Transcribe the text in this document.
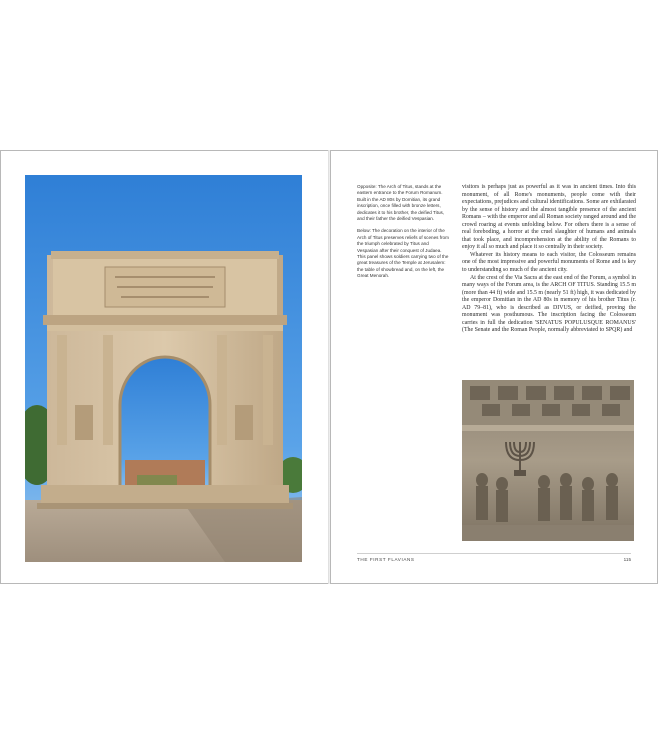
Opposite: The Arch of Titus, stands at the eastern entrance to the Forum Romanum. Built in the AD 80s by Domitian, its grand inscription, once filled with bronze letters, dedicates it to his brother, the deified Titus, and their father the deified Vespasian.

Below: The decoration on the interior of the Arch of Titus preserves reliefs of scenes from the triumph celebrated by Titus and Vespasian after their conquest of Judaea. This panel shows soldiers carrying two of the great treasures of the Temple at Jerusalem: the table of showbread and, on the left, the Great Menorah.

visitors is perhaps just as powerful as it was in ancient times. Into this monument, of all Rome's monuments, people come with their expectations, prejudices and cultural identifications. Some are exhilarated by the sense of history and the almost tangible presence of the ancient Romans – with the emperor and all Roman society ranged around and the crowd roaring at events unfolding below. For others there is a sense of real foreboding, a horror at the cruel slaughter of humans and animals that took place, and incomprehension at the ability of the Romans to enjoy it all so much and place it so centrally in their society.

Whatever its history means to each visitor, the Colosseum remains one of the most impressive and powerful monuments of Rome and is key to understanding so much of the ancient city.

At the crest of the Via Sacra at the east end of the Forum, a symbol in many ways of the Forum area, is the ARCH OF TITUS. Standing 15.5 m (more than 44 ft) wide and 15.5 m (nearly 51 ft) high, it was dedicated by the emperor Domitian in the AD 80s in memory of his brother Titus (r. AD 79–81), who is described as DIVUS, or deified, proving the monument was posthumous. The inscription facing the Colosseum carries in full the dedication 'SENATUS POPULUSQUE ROMANUS' (The Senate and the Roman People, normally abbreviated to SPQR) and

THE FIRST FLAVIANS	115
